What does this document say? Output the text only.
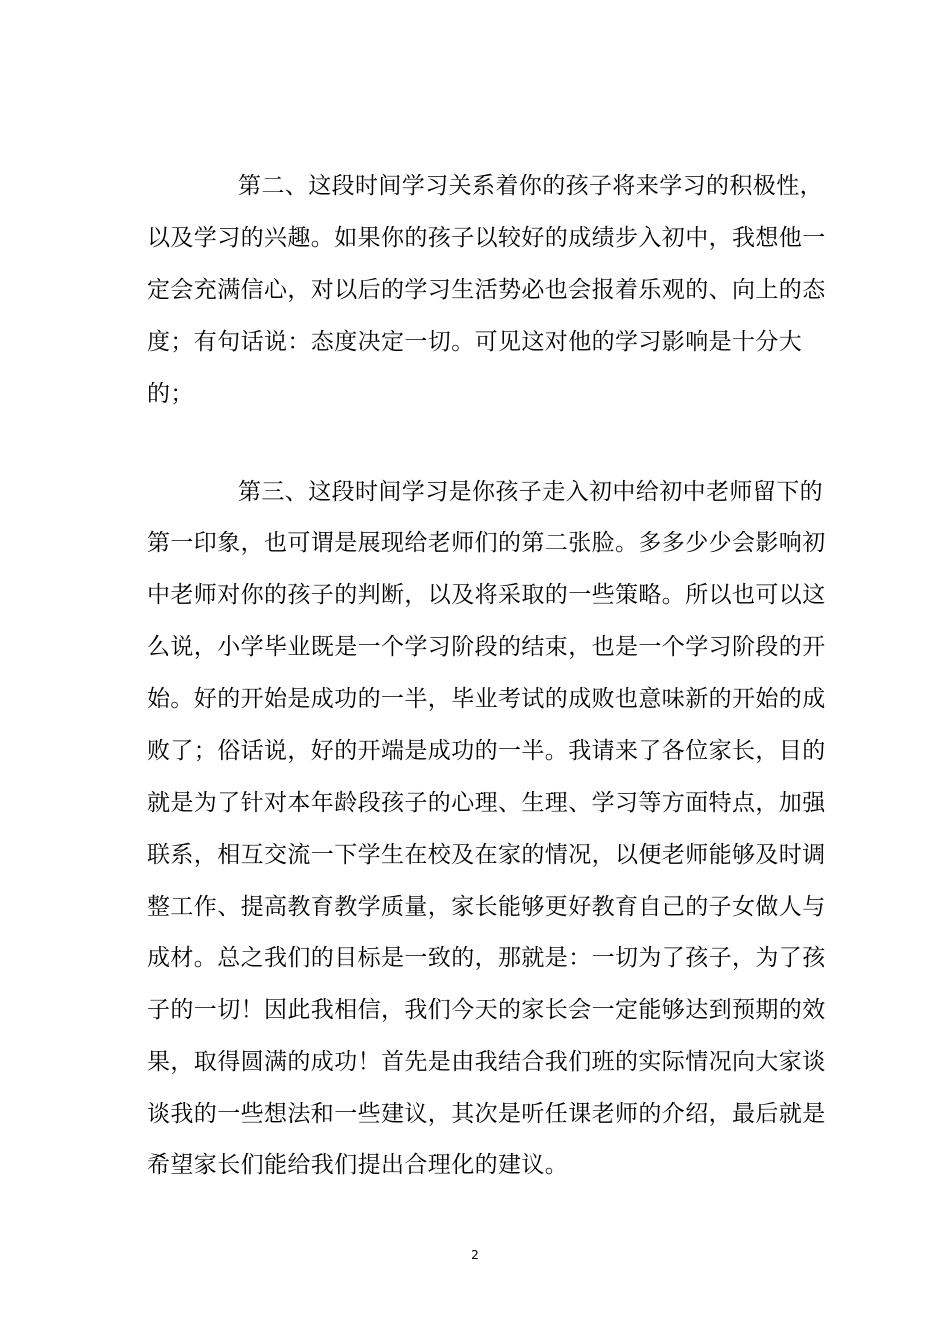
第二、这段时间学习关系着你的孩子将来学习的积极性，
以及学习的兴趣。如果你的孩子以较好的成绩步入初中，我想他一
定会充满信心，对以后的学习生活势必也会报着乐观的、向上的态
度；有句话说：态度决定一切。可见这对他的学习影响是十分大
的；
第三、这段时间学习是你孩子走入初中给初中老师留下的
第一印象，也可谓是展现给老师们的第二张脸。多多少少会影响初
中老师对你的孩子的判断，以及将采取的一些策略。所以也可以这
么说，小学毕业既是一个学习阶段的结束，也是一个学习阶段的开
始。好的开始是成功的一半，毕业考试的成败也意味新的开始的成
败了；俗话说，好的开端是成功的一半。我请来了各位家长，目的
就是为了针对本年龄段孩子的心理、生理、学习等方面特点，加强
联系，相互交流一下学生在校及在家的情况，以便老师能够及时调
整工作、提高教育教学质量，家长能够更好教育自己的子女做人与
成材。总之我们的目标是一致的，那就是：一切为了孩子，为了孩
子的一切！因此我相信，我们今天的家长会一定能够达到预期的效
果，取得圆满的成功！首先是由我结合我们班的实际情况向大家谈
谈我的一些想法和一些建议，其次是听任课老师的介绍，最后就是
希望家长们能给我们提出合理化的建议。
2
